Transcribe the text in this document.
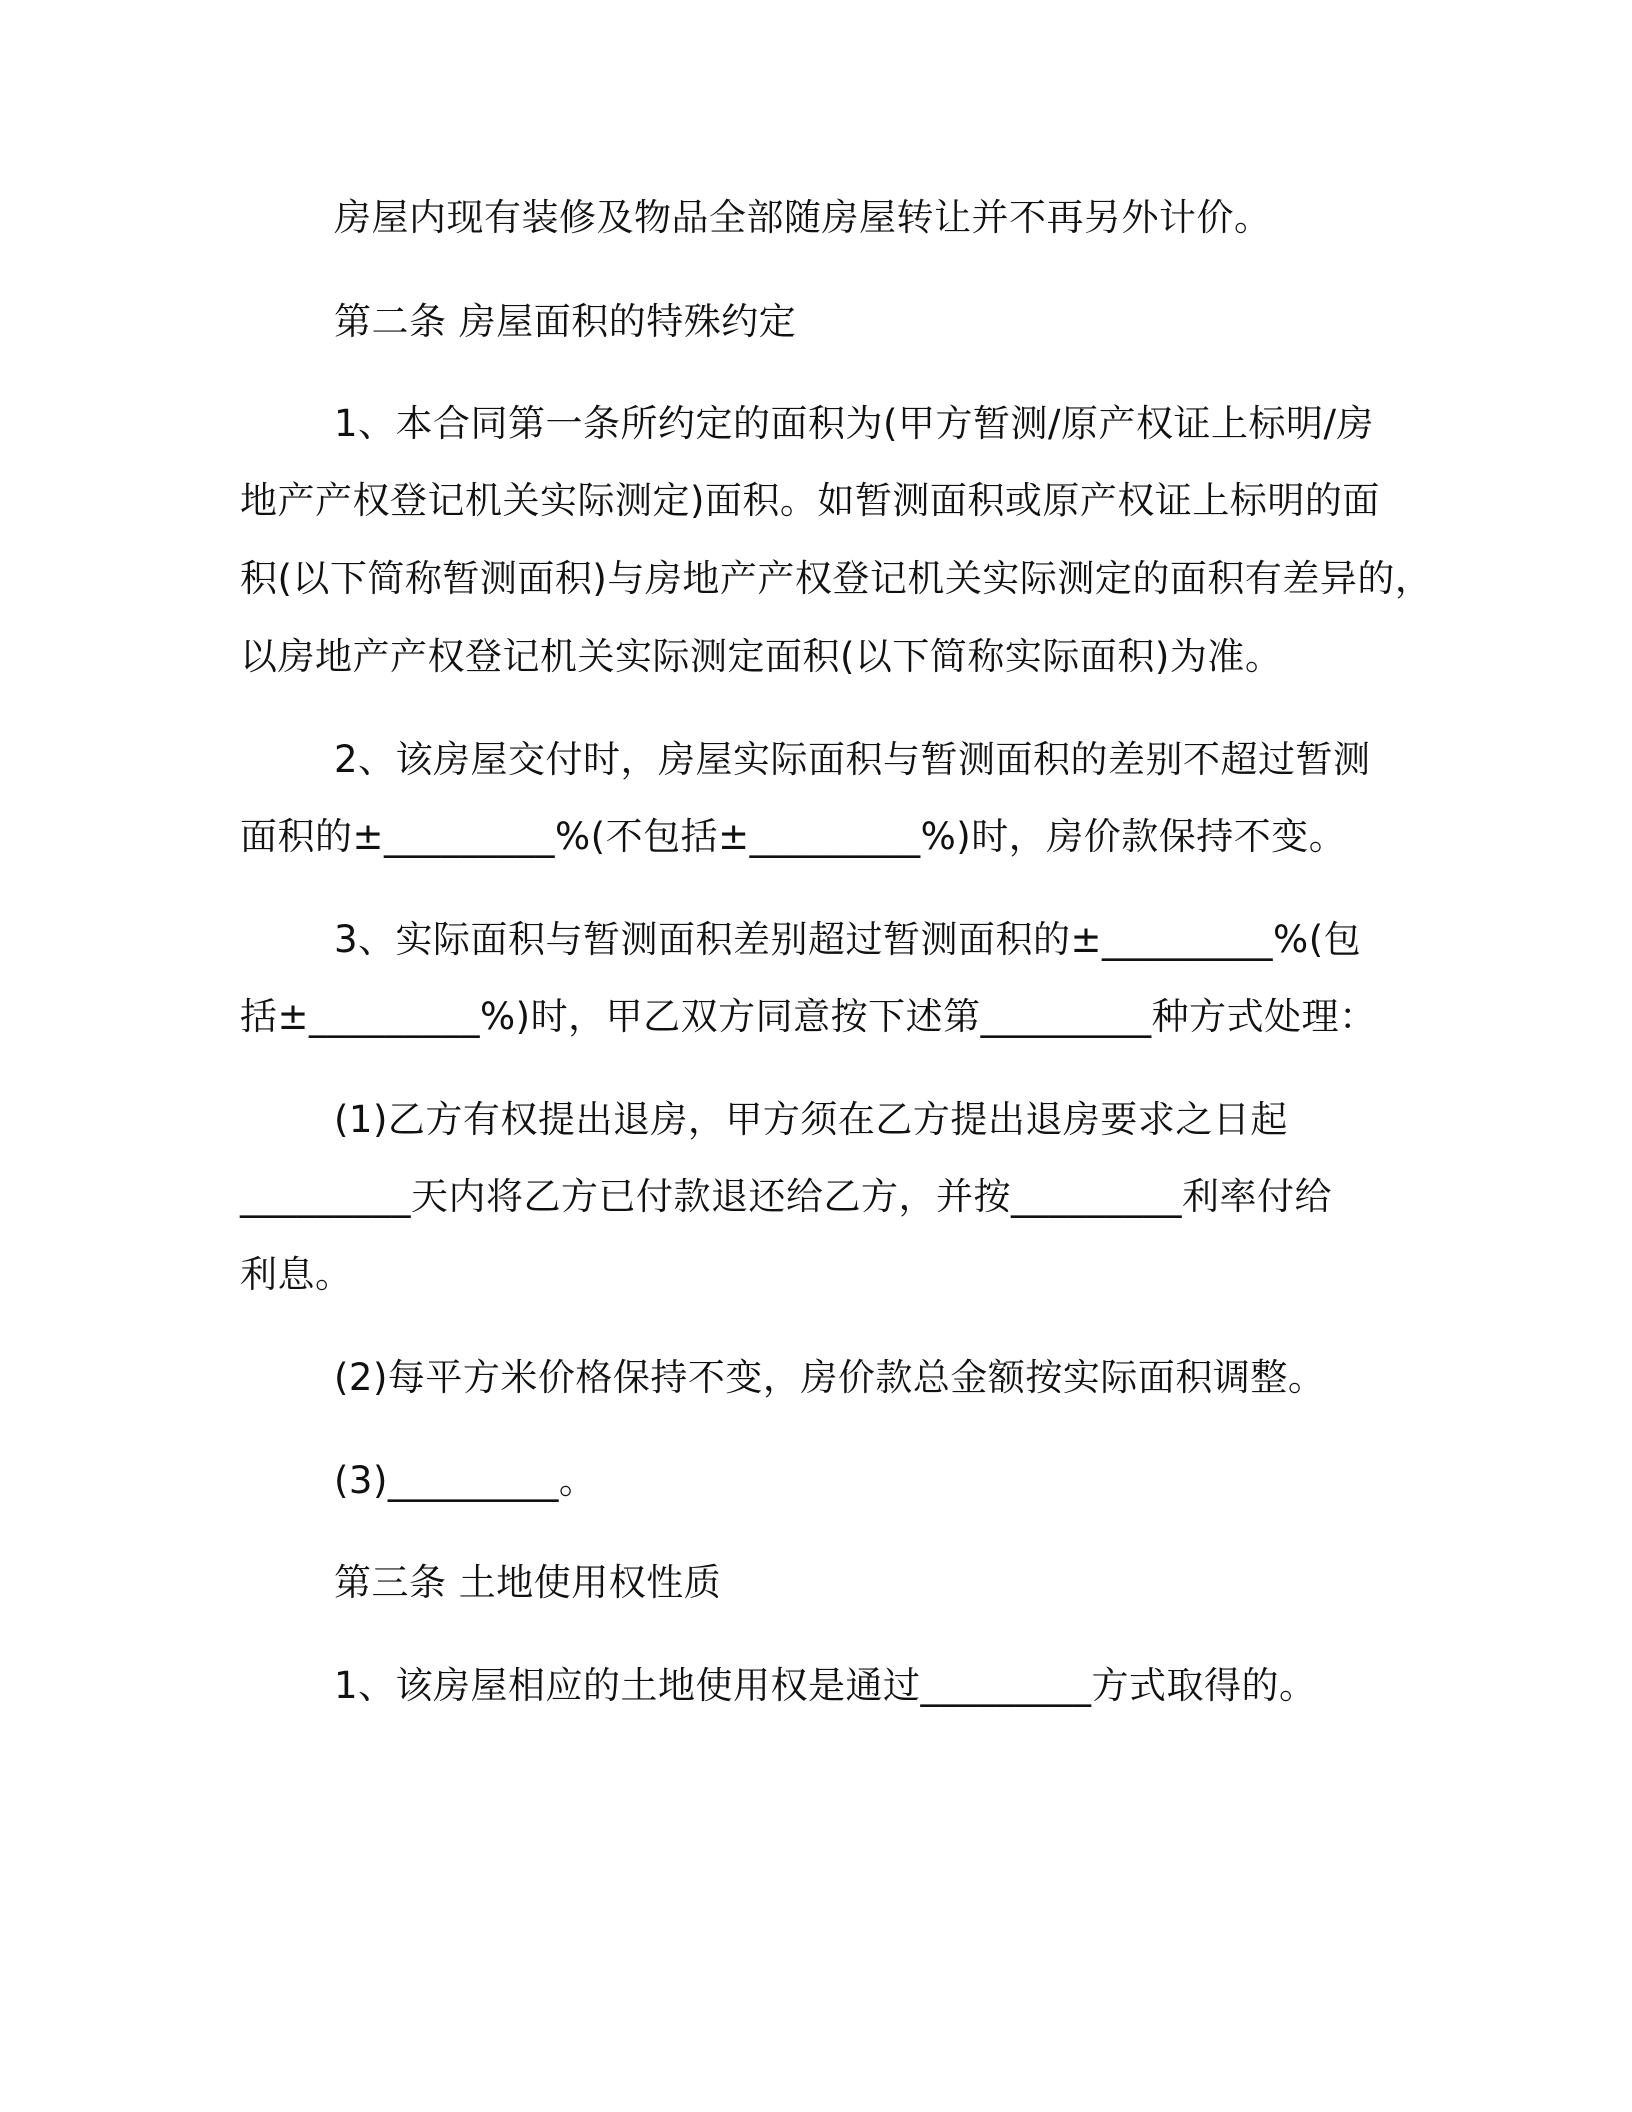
房屋内现有装修及物品全部随房屋转让并不再另外计价。
第二条 房屋面积的特殊约定
1、本合同第一条所约定的面积为(甲方暂测/原产权证上标明/房
地产产权登记机关实际测定)面积。如暂测面积或原产权证上标明的面
积(以下简称暂测面积)与房地产产权登记机关实际测定的面积有差异的，
以房地产产权登记机关实际测定面积(以下简称实际面积)为准。
2、该房屋交付时，房屋实际面积与暂测面积的差别不超过暂测
面积的±_________%(不包括±_________%)时，房价款保持不变。
3、实际面积与暂测面积差别超过暂测面积的±_________%(包
括±_________%)时，甲乙双方同意按下述第_________种方式处理：
(1)乙方有权提出退房，甲方须在乙方提出退房要求之日起
_________天内将乙方已付款退还给乙方，并按_________利率付给
利息。
(2)每平方米价格保持不变，房价款总金额按实际面积调整。
(3)_________。
第三条 土地使用权性质
1、该房屋相应的土地使用权是通过_________方式取得的。
